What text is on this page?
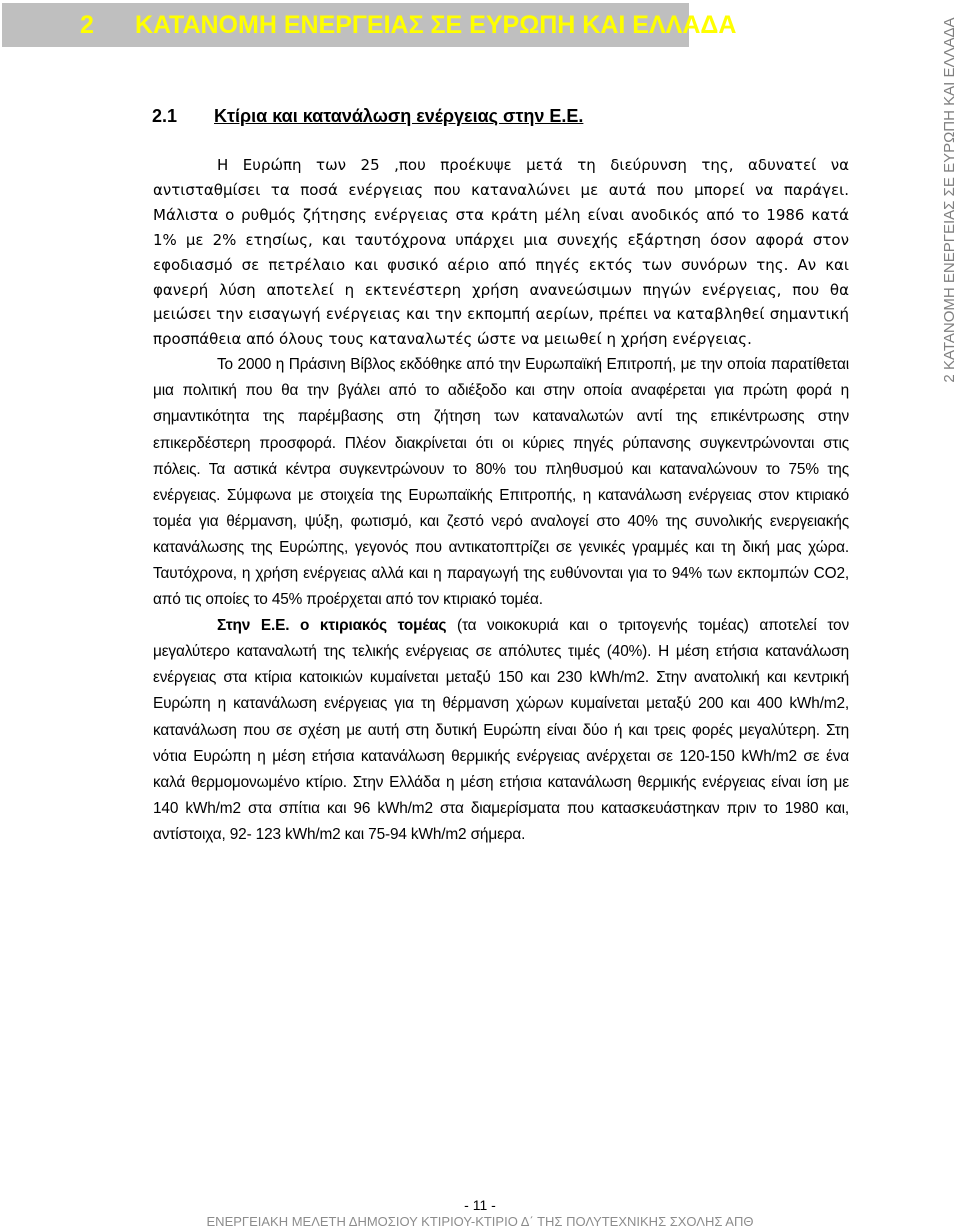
2 ΚΑΤΑΝΟΜΗ ΕΝΕΡΓΕΙΑΣ ΣΕ ΕΥΡΩΠΗ ΚΑΙ ΕΛΛΑΔΑ
2.1 Κτίρια και κατανάλωση ενέργειας στην Ε.Ε.	2 ΚΑΤΑΝΟΜΗ ΕΝΕΡΓΕΙΑΣ ΣΕ ΕΥΡΩΠΗ ΚΑΙ ΕΛΛΑΔΑ

Η Ευρώπη των 25 ,που προέκυψε μετά τη διεύρυνση της, αδυνατεί να αντισταθμίσει τα ποσά ενέργειας που καταναλώνει με αυτά που μπορεί να παράγει. Μάλιστα ο ρυθμός ζήτησης ενέργειας στα κράτη μέλη είναι ανοδικός από το 1986 κατά 1% με 2% ετησίως, και ταυτόχρονα υπάρχει μια συνεχής εξάρτηση όσον αφορά στον εφοδιασμό σε πετρέλαιο και φυσικό αέριο από πηγές εκτός των συνόρων της. Αν και φανερή λύση αποτελεί η εκτενέστερη χρήση ανανεώσιμων πηγών ενέργειας, που θα μειώσει την εισαγωγή ενέργειας και την εκπομπή αερίων, πρέπει να καταβληθεί σημαντική προσπάθεια από όλους τους καταναλωτές ώστε να μειωθεί η χρήση ενέργειας.

Το 2000 η Πράσινη Βίβλος εκδόθηκε από την Ευρωπαϊκή Επιτροπή, με την οποία παρατίθεται μια πολιτική που θα την βγάλει από το αδιέξοδο και στην οποία αναφέρεται για πρώτη φορά η σημαντικότητα της παρέμβασης στη ζήτηση των καταναλωτών αντί της επικέντρωσης στην επικερδέστερη προσφορά. Πλέον διακρίνεται ότι οι κύριες πηγές ρύπανσης συγκεντρώνονται στις πόλεις. Τα αστικά κέντρα συγκεντρώνουν το 80% του πληθυσμού και καταναλώνουν το 75% της ενέργειας. Σύμφωνα με στοιχεία της Ευρωπαϊκής Επιτροπής, η κατανάλωση ενέργειας στον κτιριακό τομέα για θέρμανση, ψύξη, φωτισμό, και ζεστό νερό αναλογεί στο 40% της συνολικής ενεργειακής κατανάλωσης της Ευρώπης, γεγονός που αντικατοπτρίζει σε γενικές γραμμές και τη δική μας χώρα. Ταυτόχρονα, η χρήση ενέργειας αλλά και η παραγωγή της ευθύνονται για το 94% των εκπομπών CO2, από τις οποίες το 45% προέρχεται από τον κτιριακό τομέα.

Στην Ε.Ε. ο κτιριακός τομέας (τα νοικοκυριά και ο τριτογενής τομέας) αποτελεί τον μεγαλύτερο καταναλωτή της τελικής ενέργειας σε απόλυτες τιμές (40%). Η μέση ετήσια κατανάλωση ενέργειας στα κτίρια κατοικιών κυμαίνεται μεταξύ 150 και 230 kWh/m2. Στην ανατολική και κεντρική Ευρώπη η κατανάλωση ενέργειας για τη θέρμανση χώρων κυμαίνεται μεταξύ 200 και 400 kWh/m2, κατανάλωση που σε σχέση με αυτή στη δυτική Ευρώπη είναι δύο ή και τρεις φορές μεγαλύτερη. Στη νότια Ευρώπη η μέση ετήσια κατανάλωση θερμικής ενέργειας ανέρχεται σε 120-150 kWh/m2 σε ένα καλά θερμομονωμένο κτίριο. Στην Ελλάδα η μέση ετήσια κατανάλωση θερμικής ενέργειας είναι ίση με 140 kWh/m2 στα σπίτια και 96 kWh/m2 στα διαμερίσματα που κατασκευάστηκαν πριν το 1980 και, αντίστοιχα, 92- 123 kWh/m2 και 75-94 kWh/m2 σήμερα.

- 11 -
ΕΝΕΡΓΕΙΑΚΗ ΜΕΛΕΤΗ ΔΗΜΟΣΙΟΥ ΚΤΙΡΙΟΥ-ΚΤΙΡΙΟ Δ΄ ΤΗΣ ΠΟΛΥΤΕΧΝΙΚΗΣ ΣΧΟΛΗΣ ΑΠΘ
